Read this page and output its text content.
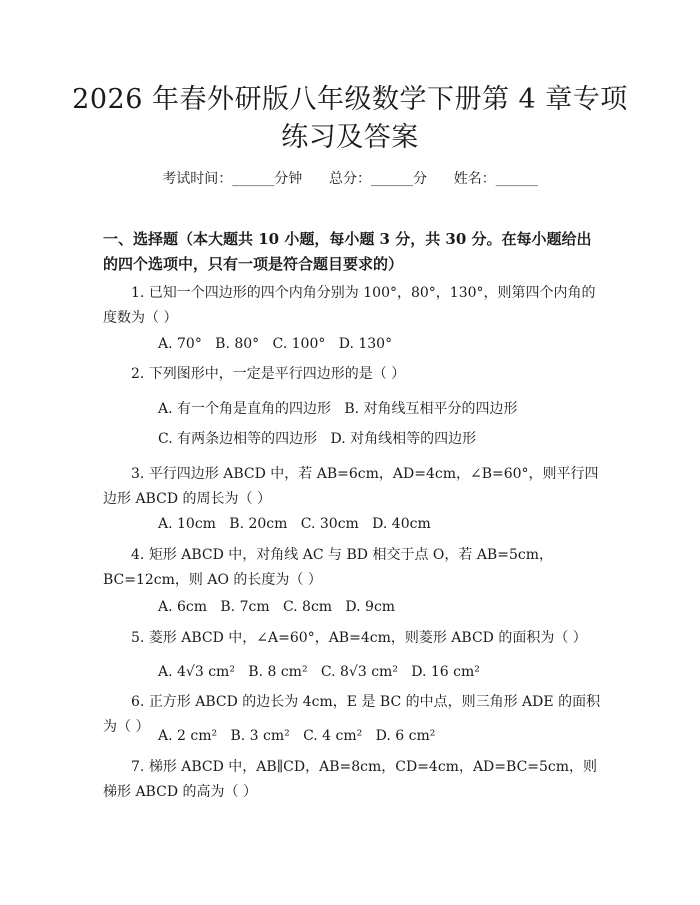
2026 年春外研版八年级数学下册第 4 章专项
练习及答案
考试时间：______分钟      总分：______分      姓名：______
一、选择题（本大题共 10 小题，每小题 3 分，共 30 分。在每小题给出的四个选项中，只有一项是符合题目要求的）
1. 已知一个四边形的四个内角分别为 100°，80°，130°，则第四个内角的度数为（ ）
A. 70°   B. 80°   C. 100°   D. 130°
2. 下列图形中，一定是平行四边形的是（ ）
A. 有一个角是直角的四边形   B. 对角线互相平分的四边形
C. 有两条边相等的四边形   D. 对角线相等的四边形
3. 平行四边形 ABCD 中，若 AB=6cm，AD=4cm，∠B=60°，则平行四边形 ABCD 的周长为（ ）
A. 10cm   B. 20cm   C. 30cm   D. 40cm
4. 矩形 ABCD 中，对角线 AC 与 BD 相交于点 O，若 AB=5cm，BC=12cm，则 AO 的长度为（ ）
A. 6cm   B. 7cm   C. 8cm   D. 9cm
5. 菱形 ABCD 中，∠A=60°，AB=4cm，则菱形 ABCD 的面积为（ ）
A. 4√3 cm²   B. 8 cm²   C. 8√3 cm²   D. 16 cm²
6. 正方形 ABCD 的边长为 4cm，E 是 BC 的中点，则三角形 ADE 的面积为（ ）
A. 2 cm²   B. 3 cm²   C. 4 cm²   D. 6 cm²
7. 梯形 ABCD 中，AB∥CD，AB=8cm，CD=4cm，AD=BC=5cm，则梯形 ABCD 的高为（ ）
